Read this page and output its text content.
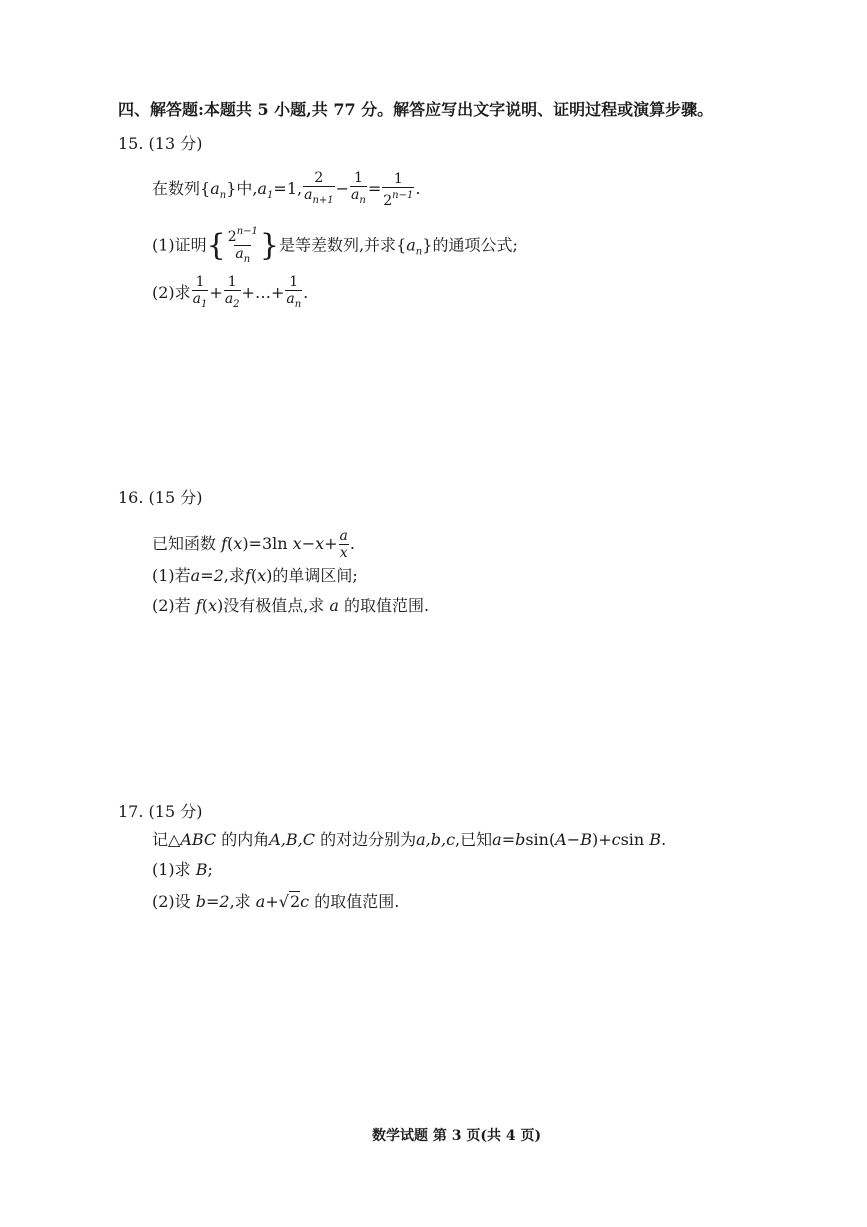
四、解答题:本题共 5 小题,共 77 分。解答应写出文字说明、证明过程或演算步骤。
15. (13 分)
在数列$\{a_n\}$中$,a_1=1$, $\frac{2}{a_{n+1}} - \frac{1}{a_n} = \frac{1}{2^{n-1}}$ .
(1)证明{ $\frac{2^{n-1}}{a_n}$ }是等差数列,并求$\{a_n\}$的通项公式;
(2)求 $\frac{1}{a_1} + \frac{1}{a_2}$ +…+ $\frac{1}{a_n}$ .
16. (15 分)
已知函数 f(x)=3ln $x-x+ \frac{a}{x}$ .
(1)若a=2,求f(x)的单调区间;
(2)若 f(x)没有极值点,求 a 的取值范围.
17. (15 分)
记△ABC 的内角A,B,C 的对边分别为a,b,c,已知a=bsin(A−B)+csin B.
(1)求 B;
(2)设 b=2,求 a+√2c 的取值范围.
数学试题 第 3 页(共 4 页)
